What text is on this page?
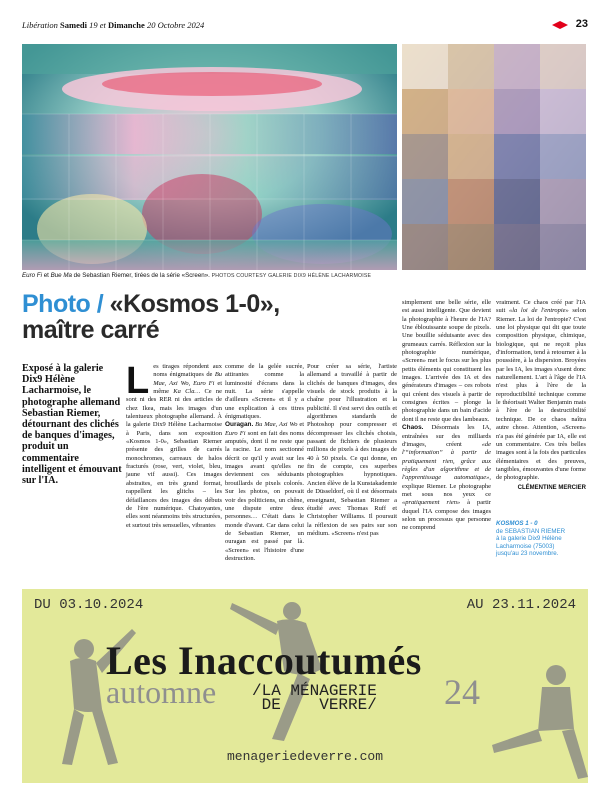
Libération Samedi 19 et Dimanche 20 Octobre 2024	23
Euro Fi et Bue Ma de Sebastian Riemer, tirées de la série «Screen». PHOTOS COURTESY GALERIE DIX9 HÉLÈNE LACHARMOISE
Photo / «Kosmos 1-0»,
maître carré
Exposé à la galerie Dix9 Hélène Lacharmoise, le photographe allemand Sebastian Riemer, détournant des clichés de banques d'images, produit un commentaire intelligent et émouvant sur l'IA.
L es tirages répondent aux noms énigmatiques de Bu Mae, Axi Wo, Euro Fi et même Ka Cla… Ce ne sont ni des RER ni des articles de chez Ikea, mais les images d'un talentueux photographe allemand. À la galerie Dix9 Hélène Lacharmoise à Paris, dans son exposition «Kosmos 1-0», Sebastian Riemer présente des grilles de carrés monochromes, carreaux de halos fracturés (rose, vert, violet, bleu, jaune vif aussi). Ces images abstraites, en très grand format, rappellent les glitchs – les défaillances des images des débuts de l'ère numérique. Chatoyantes, elles sont néanmoins très structurées, et surtout très sensuelles, vibrantes
comme de la gelée sucrée, attirantes comme la luminosité d'écrans dans la nuit. La série s'appelle d'ailleurs «Screen» et il y a une explication à ces titres énigmatiques.
Ouragan. Bu Mae, Axi Wo et Euro Fi sont en fait des noms amputés, dont il ne reste que la racine. Le nom sectionné décrit ce qu'il y avait sur les images avant qu'elles ne deviennent ces séduisants brouillards de pixels colorés. Sur les photos, on pouvait voir des politiciens, un chêne, une dispute entre deux personnes… C'était dans le monde d'avant. Car dans celui de Sebastian Riemer, un ouragan est passé par là. «Screen» est l'histoire d'une destruction.
Pour créer sa série, l'artiste allemand a travaillé à partir de clichés de banques d'images, des visuels de stock produits à la chaîne pour l'illustration et la publicité. Il s'est servi des outils et algorithmes standards de Photoshop pour compresser et décompresser les clichés choisis, passant de fichiers de plusieurs millions de pixels à des images de 40 à 50 pixels. Ce qui donne, en fin de compte, ces superbes photographies hypnotiques. Ancien élève de la Kunstakademie de Düsseldorf, où il est désormais enseignant, Sebastian Riemer a étudié avec Thomas Ruff et Christopher Williams. Il poursuit la réflexion de ses pairs sur son médium. «Screen» n'est pas
simplement une belle série, elle est aussi intelligente. Que devient la photographie à l'heure de l'IA? Une éblouissante soupe de pixels. Une bouillie séduisante avec des grumeaux carrés. Réflexion sur la photographie numérique, «Screen» met le focus sur les plus petits éléments qui constituent les images. L'arrivée des IA et des générateurs d'images – ces robots qui créent des visuels à partir de consignes écrites – plonge la photographie dans un bain d'acide dont il ne reste que des lambeaux.
Chaos. Désormais les IA, entraînées sur des milliards d'images, créent	«de l'“information” à partir de pratiquement rien, grâce aux règles d'un algorithme et de l'apprentissage automatique», explique Riemer. Le photographe met sous nos yeux ce «pratiquement rien» à partir duquel l'IA compose des images selon un processus que personne ne comprend
vraiment. Ce chaos créé par l'IA suit «la loi de l'entropie» selon Riemer. La loi de l'entropie? C'est une loi physique qui dit que toute composition physique, chimique, biologique, qui ne reçoit plus d'information, tend à retourner à la poussière, à la dispersion. Broyées par les IA, les images s'usent donc naturellement. L'art à l'âge de l'IA n'est plus à l'ère de la reproductibilité technique comme le théorisait Walter Benjamin mais à l'ère de la destructibilité technique. De ce chaos naîtra autre chose. Attention, «Screen» n'a pas été générée par IA, elle est un commentaire. Ces très belles images sont à la fois des particules élémentaires et des preuves, tangibles, émouvantes d'une forme de photographie.
CLÉMENTINE MERCIER
KOSMOS 1 - 0
de SEBASTIAN RIEMER
à la galerie Dix9 Hélène
Lacharmoise (75003)
jusqu'au 23 novembre.
DU 03.10.2024	AU 23.11.2024
Les Inaccoutumés
automne /LA MÉNAGERIE
DE    VERRE/ 24
menageriedeverre.com
